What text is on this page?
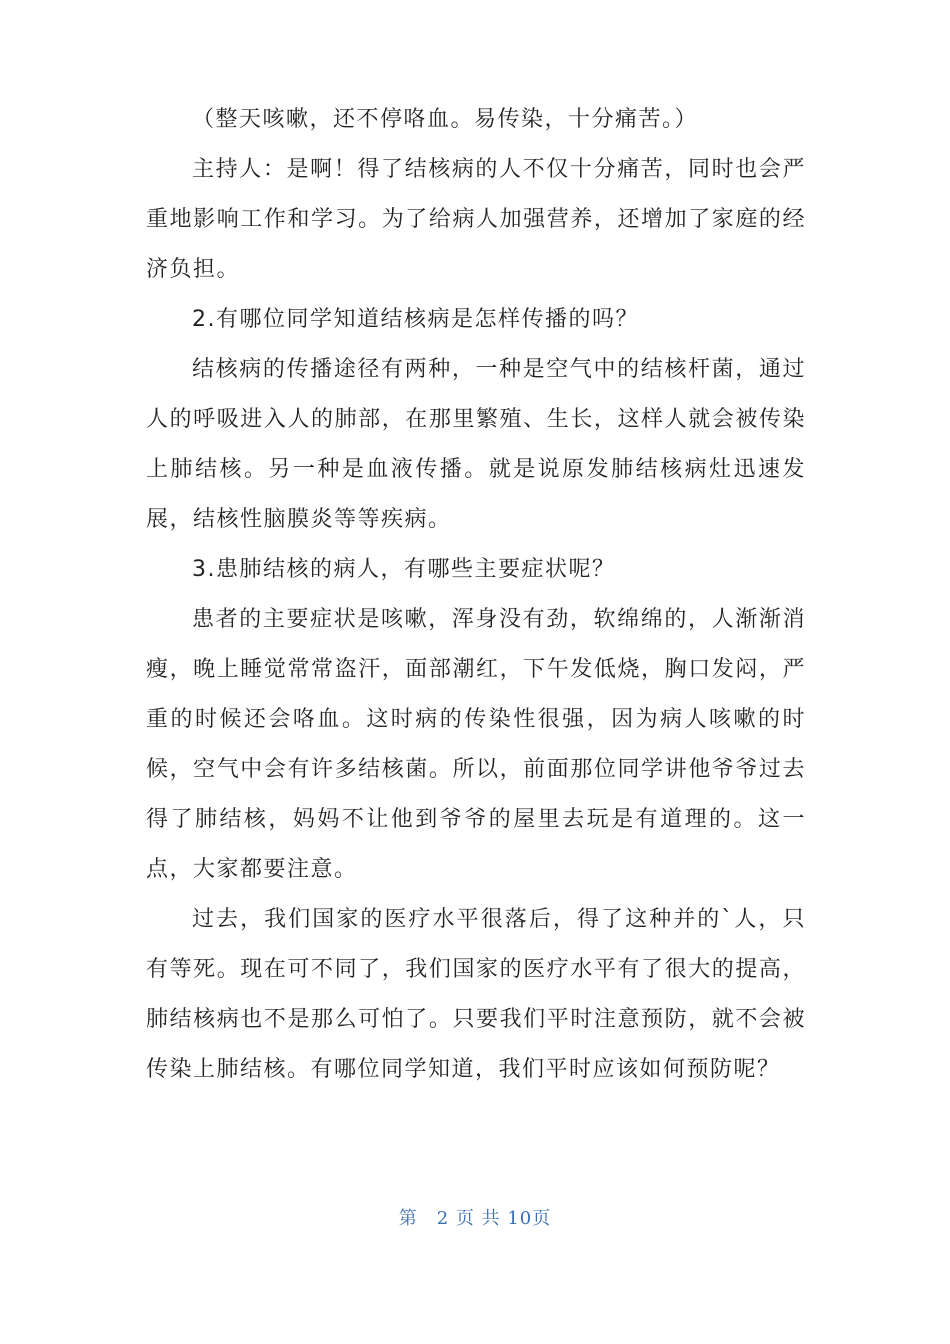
（整天咳嗽，还不停咯血。易传染，十分痛苦。）

主持人：是啊！得了结核病的人不仅十分痛苦，同时也会严重地影响工作和学习。为了给病人加强营养，还增加了家庭的经济负担。

2.有哪位同学知道结核病是怎样传播的吗？

结核病的传播途径有两种，一种是空气中的结核杆菌，通过人的呼吸进入人的肺部，在那里繁殖、生长，这样人就会被传染上肺结核。另一种是血液传播。就是说原发肺结核病灶迅速发展，结核性脑膜炎等等疾病。

3.患肺结核的病人，有哪些主要症状呢？

患者的主要症状是咳嗽，浑身没有劲，软绵绵的，人渐渐消瘦，晚上睡觉常常盗汗，面部潮红，下午发低烧，胸口发闷，严重的时候还会咯血。这时病的传染性很强，因为病人咳嗽的时候，空气中会有许多结核菌。所以，前面那位同学讲他爷爷过去得了肺结核，妈妈不让他到爷爷的屋里去玩是有道理的。这一点，大家都要注意。

过去，我们国家的医疗水平很落后，得了这种并的`人，只有等死。现在可不同了，我们国家的医疗水平有了很大的提高，肺结核病也不是那么可怕了。只要我们平时注意预防，就不会被传染上肺结核。有哪位同学知道，我们平时应该如何预防呢？

第　2 页 共 10页
